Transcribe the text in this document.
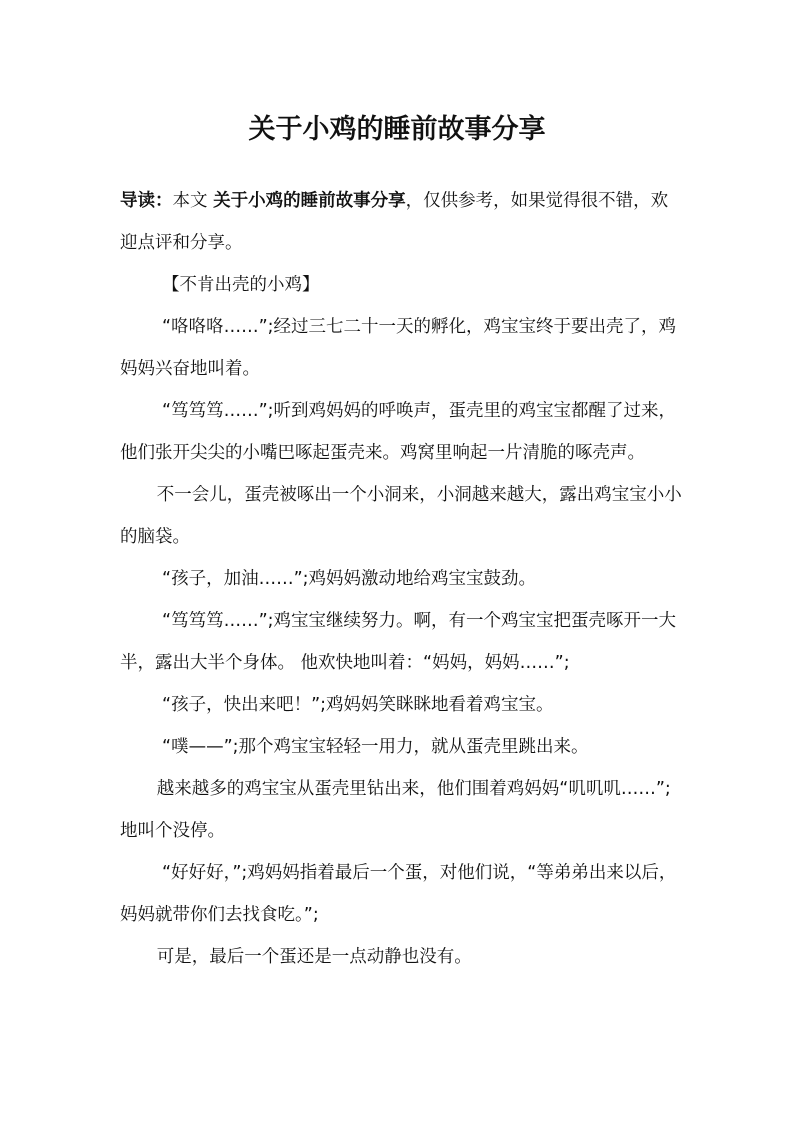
关于小鸡的睡前故事分享

导读：本文 关于小鸡的睡前故事分享，仅供参考，如果觉得很不错，欢迎点评和分享。

【不肯出壳的小鸡】

“咯咯咯……”;经过三七二十一天的孵化，鸡宝宝终于要出壳了，鸡妈妈兴奋地叫着。

“笃笃笃……”;听到鸡妈妈的呼唤声，蛋壳里的鸡宝宝都醒了过来，他们张开尖尖的小嘴巴啄起蛋壳来。鸡窝里响起一片清脆的啄壳声。

不一会儿，蛋壳被啄出一个小洞来，小洞越来越大，露出鸡宝宝小小的脑袋。

“孩子，加油……”;鸡妈妈激动地给鸡宝宝鼓劲。

“笃笃笃……”;鸡宝宝继续努力。啊，有一个鸡宝宝把蛋壳啄开一大半，露出大半个身体。 他欢快地叫着：“妈妈，妈妈……”;

“孩子，快出来吧！”;鸡妈妈笑眯眯地看着鸡宝宝。

“噗——”;那个鸡宝宝轻轻一用力，就从蛋壳里跳出来。

越来越多的鸡宝宝从蛋壳里钻出来，他们围着鸡妈妈“叽叽叽……”;地叫个没停。

“好好好，”;鸡妈妈指着最后一个蛋，对他们说，“等弟弟出来以后，妈妈就带你们去找食吃。”;

可是，最后一个蛋还是一点动静也没有。
